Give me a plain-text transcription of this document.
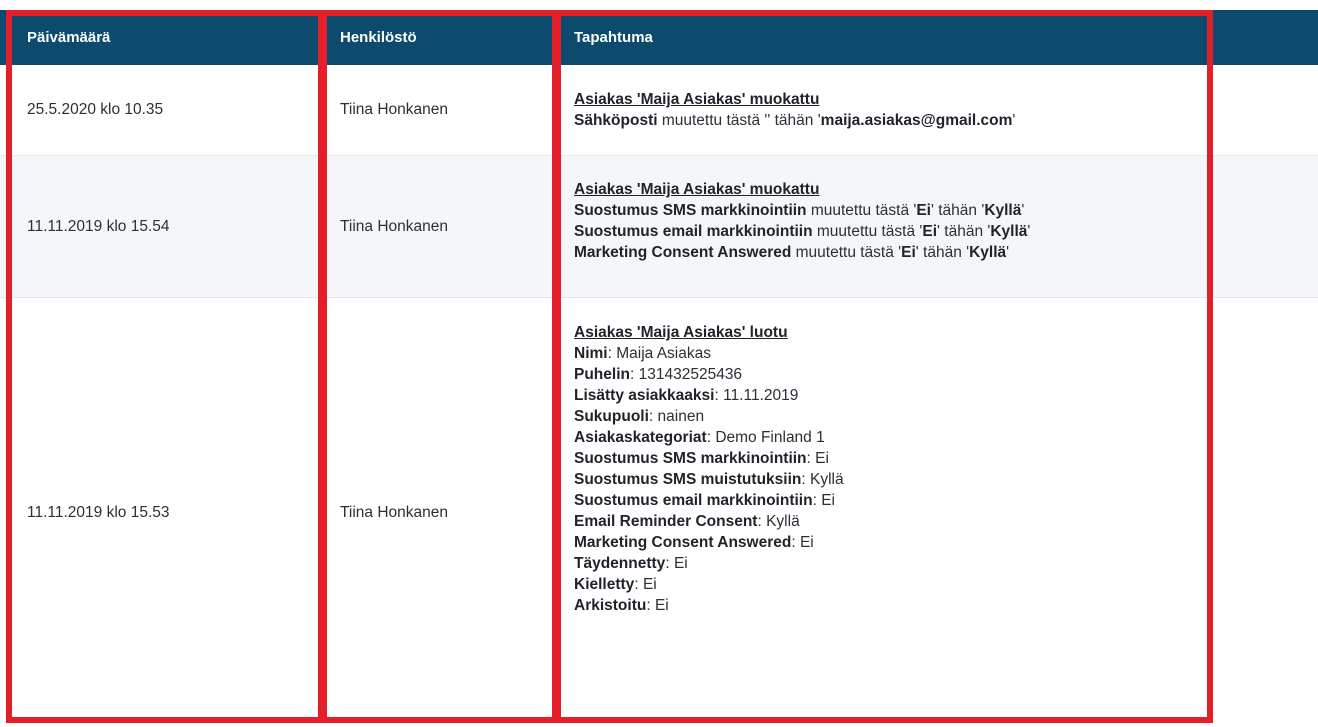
Päivämäärä	Henkilöstö	Tapahtuma
25.5.2020 klo 10.35	Tiina Honkanen
Asiakas 'Maija Asiakas' muokattu
Sähköposti muutettu tästä '' tähän 'maija.asiakas@gmail.com'
11.11.2019 klo 15.54	Tiina Honkanen
Asiakas 'Maija Asiakas' muokattu
Suostumus SMS markkinointiin muutettu tästä 'Ei' tähän 'Kyllä'
Suostumus email markkinointiin muutettu tästä 'Ei' tähän 'Kyllä'
Marketing Consent Answered muutettu tästä 'Ei' tähän 'Kyllä'
11.11.2019 klo 15.53	Tiina Honkanen
Asiakas 'Maija Asiakas' luotu
Nimi: Maija Asiakas
Puhelin: 131432525436
Lisätty asiakkaaksi: 11.11.2019
Sukupuoli: nainen
Asiakaskategoriat: Demo Finland 1
Suostumus SMS markkinointiin: Ei
Suostumus SMS muistutuksiin: Kyllä
Suostumus email markkinointiin: Ei
Email Reminder Consent: Kyllä
Marketing Consent Answered: Ei
Täydennetty: Ei
Kielletty: Ei
Arkistoitu: Ei
